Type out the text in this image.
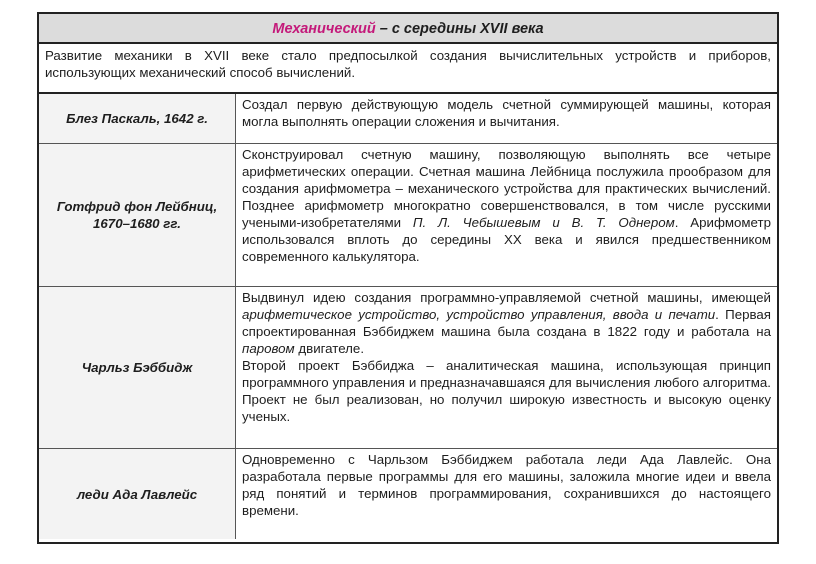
Механический – с середины XVII века
Развитие механики в XVII веке стало предпосылкой создания вычислительных устройств и приборов, использующих механический способ вычислений.
Блез Паскаль, 1642 г.
Создал первую действующую модель счетной суммирующей машины, которая могла выполнять операции сложения и вычитания.
Готфрид фон Лейбниц, 1670–1680 гг.
Сконструировал счетную машину, позволяющую выполнять все четыре арифметических операции. Счетная машина Лейбница послужила прообразом для создания арифмометра – механического устройства для практических вычислений. Позднее арифмометр многократно совершенствовался, в том числе русскими учеными-изобретателями П. Л. Чебышевым и В. Т. Однером. Арифмометр использовался вплоть до середины XX века и явился предшественником современного калькулятора.
Чарльз Бэббидж
Выдвинул идею создания программно-управляемой счетной машины, имеющей арифметическое устройство, устройство управления, ввода и печати. Первая спроектированная Бэббиджем машина была создана в 1822 году и работала на паровом двигателе.
Второй проект Бэббиджа – аналитическая машина, использующая принцип программного управления и предназначавшаяся для вычисления любого алгоритма. Проект не был реализован, но получил широкую известность и высокую оценку ученых.
леди Ада Лавлейс
Одновременно с Чарльзом Бэббиджем работала леди Ада Лавлейс. Она разработала первые программы для его машины, заложила многие идеи и ввела ряд понятий и терминов программирования, сохранившихся до настоящего времени.
